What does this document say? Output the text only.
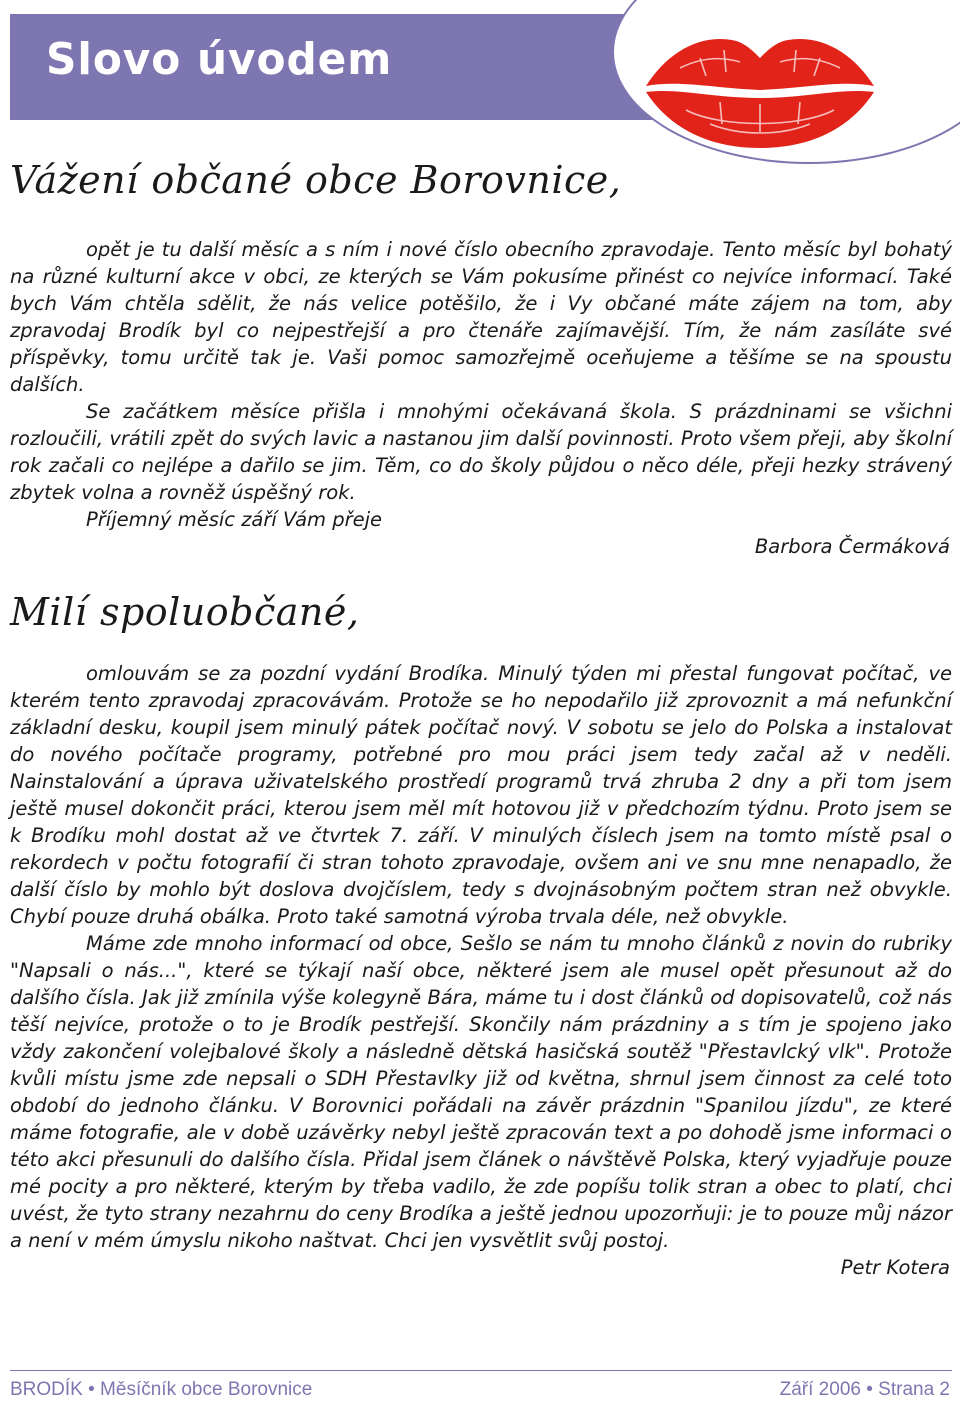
Slovo úvodem
Vážení občané obce Borovnice,

opět je tu další měsíc a s ním i nové číslo obecního zpravodaje. Tento měsíc byl bohatý na různé kulturní akce v obci, ze kterých se Vám pokusíme přinést co nejvíce informací. Také bych Vám chtěla sdělit, že nás velice potěšilo, že i Vy občané máte zájem na tom, aby zpravodaj Brodík byl co nejpestřejší a pro čtenáře zajímavější. Tím, že nám zasíláte své příspěvky, tomu určitě tak je. Vaši pomoc samozřejmě oceňujeme a těšíme se na spoustu dalších.

Se začátkem měsíce přišla i mnohými očekávaná škola. S prázdninami se všichni rozloučili, vrátili zpět do svých lavic a nastanou jim další povinnosti. Proto všem přeji, aby školní rok začali co nejlépe a dařilo se jim. Těm, co do školy půjdou o něco déle, přeji hezky strávený zbytek volna a rovněž úspěšný rok.

Příjemný měsíc září Vám přeje

Barbora Čermáková

Milí spoluobčané,

omlouvám se za pozdní vydání Brodíka. Minulý týden mi přestal fungovat počítač, ve kterém tento zpravodaj zpracovávám. Protože se ho nepodařilo již zprovoznit a má nefunkční základní desku, koupil jsem minulý pátek počítač nový. V sobotu se jelo do Polska a instalovat do nového počítače programy, potřebné pro mou práci jsem tedy začal až v neděli. Nainstalování a úprava uživatelského prostředí programů trvá zhruba 2 dny a při tom jsem ještě musel dokončit práci, kterou jsem měl mít hotovou již v předchozím týdnu. Proto jsem se k Brodíku mohl dostat až ve čtvrtek 7. září. V minulých číslech jsem na tomto místě psal o rekordech v počtu fotografií či stran tohoto zpravodaje, ovšem ani ve snu mne nenapadlo, že další číslo by mohlo být doslova dvojčíslem, tedy s dvojnásobným počtem stran než obvykle. Chybí pouze druhá obálka. Proto také samotná výroba trvala déle, než obvykle.

Máme zde mnoho informací od obce, Sešlo se nám tu mnoho článků z novin do rubriky "Napsali o nás...", které se týkají naší obce, některé jsem ale musel opět přesunout až do dalšího čísla. Jak již zmínila výše kolegyně Bára, máme tu i dost článků od dopisovatelů, což nás těší nejvíce, protože o to je Brodík pestřejší. Skončily nám prázdniny a s tím je spojeno jako vždy zakončení volejbalové školy a následně dětská hasičská soutěž "Přestavlcký vlk". Protože kvůli místu jsme zde nepsali o SDH Přestavlky již od května, shrnul jsem činnost za celé toto období do jednoho článku. V Borovnici pořádali na závěr prázdnin "Spanilou jízdu", ze které máme fotografie, ale v době uzávěrky nebyl ještě zpracován text a po dohodě jsme informaci o této akci přesunuli do dalšího čísla. Přidal jsem článek o návštěvě Polska, který vyjadřuje pouze mé pocity a pro některé, kterým by třeba vadilo, že zde popíšu tolik stran a obec to platí, chci uvést, že tyto strany nezahrnu do ceny Brodíka a ještě jednou upozorňuji: je to pouze můj názor a není v mém úmyslu nikoho naštvat. Chci jen vysvětlit svůj postoj.

Petr Kotera

BRODÍK • Měsíčník obce Borovnice	Září 2006 • Strana 2
